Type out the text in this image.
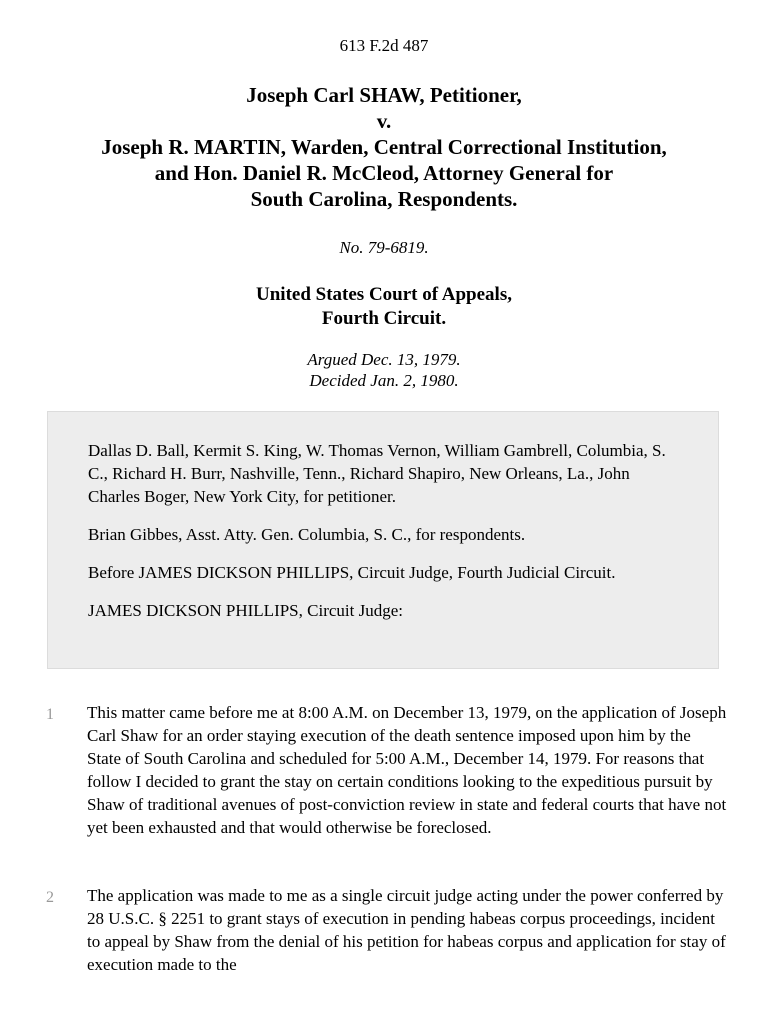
613 F.2d 487
Joseph Carl SHAW, Petitioner,
v.
Joseph R. MARTIN, Warden, Central Correctional Institution,
and Hon. Daniel R. McCleod, Attorney General for
South Carolina, Respondents.
No. 79-6819.
United States Court of Appeals,
Fourth Circuit.
Argued Dec. 13, 1979.
Decided Jan. 2, 1980.

Dallas D. Ball, Kermit S. King, W. Thomas Vernon, William Gambrell, Columbia, S. C., Richard H. Burr, Nashville, Tenn., Richard Shapiro, New Orleans, La., John Charles Boger, New York City, for petitioner.

Brian Gibbes, Asst. Atty. Gen. Columbia, S. C., for respondents.

Before JAMES DICKSON PHILLIPS, Circuit Judge, Fourth Judicial Circuit.

JAMES DICKSON PHILLIPS, Circuit Judge:

1 This matter came before me at 8:00 A.M. on December 13, 1979, on the application of Joseph Carl Shaw for an order staying execution of the death sentence imposed upon him by the State of South Carolina and scheduled for 5:00 A.M., December 14, 1979. For reasons that follow I decided to grant the stay on certain conditions looking to the expeditious pursuit by Shaw of traditional avenues of post-conviction review in state and federal courts that have not yet been exhausted and that would otherwise be foreclosed.
2 The application was made to me as a single circuit judge acting under the power conferred by 28 U.S.C. § 2251 to grant stays of execution in pending habeas corpus proceedings, incident to appeal by Shaw from the denial of his petition for habeas corpus and application for stay of execution made to the
